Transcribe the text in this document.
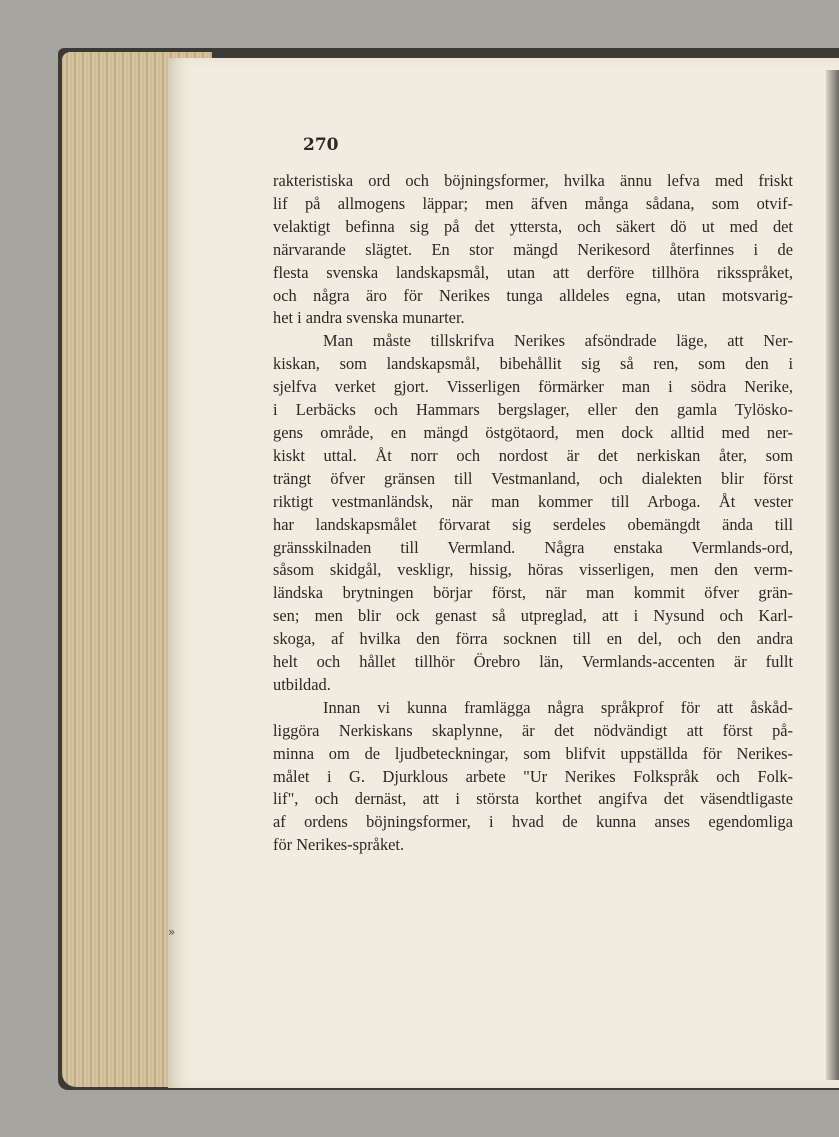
270
rakteristiska ord och böjningsformer, hvilka ännu lefva med friskt
lif på allmogens läppar; men äfven många sådana, som otvif-
velaktigt befinna sig på det yttersta, och säkert dö ut med det
närvarande slägtet. En stor mängd Nerikesord återfinnes i de
flesta svenska landskapsmål, utan att derföre tillhöra riksspråket,
och några äro för Nerikes tunga alldeles egna, utan motsvarig-
het i andra svenska munarter.
Man måste tillskrifva Nerikes afsöndrade läge, att Ner-
kiskan, som landskapsmål, bibehållit sig så ren, som den i
sjelfva verket gjort. Visserligen förmärker man i södra Nerike,
i Lerbäcks och Hammars bergslager, eller den gamla Tylösko-
gens område, en mängd östgötaord, men dock alltid med ner-
kiskt uttal. Åt norr och nordost är det nerkiskan åter, som
trängt öfver gränsen till Vestmanland, och dialekten blir först
riktigt vestmanländsk, när man kommer till Arboga. Åt vester
har landskapsmålet förvarat sig serdeles obemängdt ända till
gränsskilnaden till Vermland. Några enstaka Vermlands-ord,
såsom skidgål, veskligr, hissig, höras visserligen, men den verm-
ländska brytningen börjar först, när man kommit öfver grän-
sen; men blir ock genast så utpreglad, att i Nysund och Karl-
skoga, af hvilka den förra socknen till en del, och den andra
helt och hållet tillhör Örebro län, Vermlands-accenten är fullt
utbildad.
Innan vi kunna framlägga några språkprof för att åskåd-
liggöra Nerkiskans skaplynne, är det nödvändigt att först på-
minna om de ljudbeteckningar, som blifvit uppställda för Nerikes-
målet i G. Djurklous arbete "Ur Nerikes Folkspråk och Folk-
lif", och dernäst, att i största korthet angifva det väsendtligaste
af ordens böjningsformer, i hvad de kunna anses egendomliga
för Nerikes-språket.
»
